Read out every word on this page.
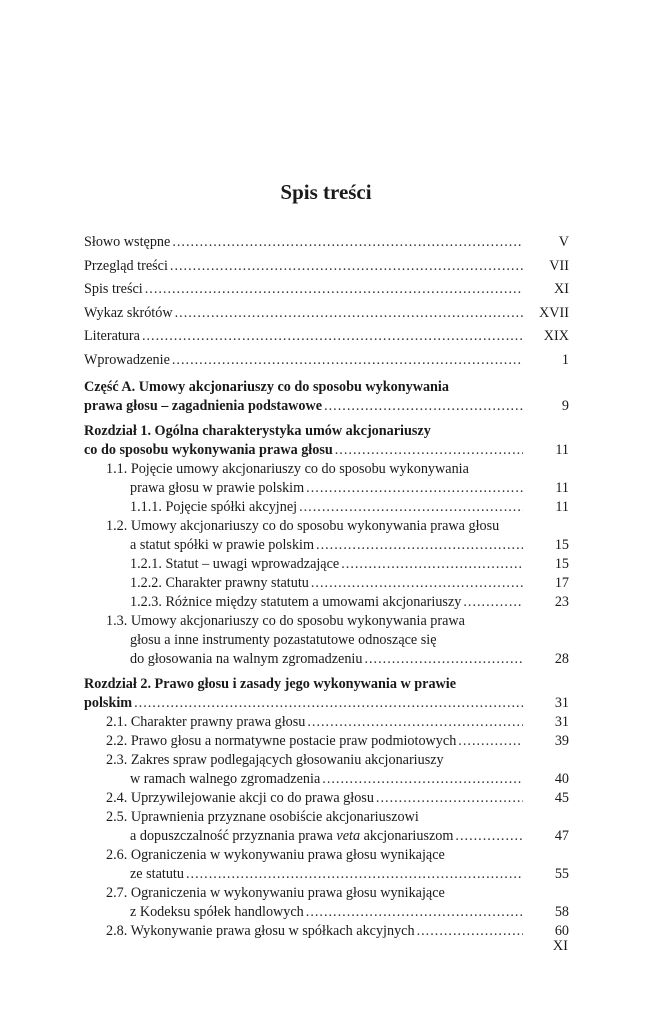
Spis treści
Słowo wstępne .....	V
Przegląd treści .....	VII
Spis treści .....	XI
Wykaz skrótów .....	XVII
Literatura .....	XIX
Wprowadzenie .....	1
Część A. Umowy akcjonariuszy co do sposobu wykonywania
prawa głosu – zagadnienia podstawowe .....	9
Rozdział 1. Ogólna charakterystyka umów akcjonariuszy
co do sposobu wykonywania prawa głosu .....	11
1.1. Pojęcie umowy akcjonariuszy co do sposobu wykonywania
prawa głosu w prawie polskim .....	11
1.1.1. Pojęcie spółki akcyjnej .....	11
1.2. Umowy akcjonariuszy co do sposobu wykonywania prawa głosu
a statut spółki w prawie polskim .....	15
1.2.1. Statut – uwagi wprowadzające .....	15
1.2.2. Charakter prawny statutu .....	17
1.2.3. Różnice między statutem a umowami akcjonariuszy .....	23
1.3. Umowy akcjonariuszy co do sposobu wykonywania prawa
głosu a inne instrumenty pozastatutowe odnoszące się
do głosowania na walnym zgromadzeniu .....	28
Rozdział 2. Prawo głosu i zasady jego wykonywania w prawie
polskim .....	31
2.1. Charakter prawny prawa głosu .....	31
2.2. Prawo głosu a normatywne postacie praw podmiotowych .....	39
2.3. Zakres spraw podlegających głosowaniu akcjonariuszy
w ramach walnego zgromadzenia .....	40
2.4. Uprzywilejowanie akcji co do prawa głosu .....	45
2.5. Uprawnienia przyznane osobiście akcjonariuszowi
a dopuszczalność przyznania prawa veta akcjonariuszom .....	47
2.6. Ograniczenia w wykonywaniu prawa głosu wynikające
ze statutu .....	55
2.7. Ograniczenia w wykonywaniu prawa głosu wynikające
z Kodeksu spółek handlowych .....	58
2.8. Wykonywanie prawa głosu w spółkach akcyjnych .....	60
XI
